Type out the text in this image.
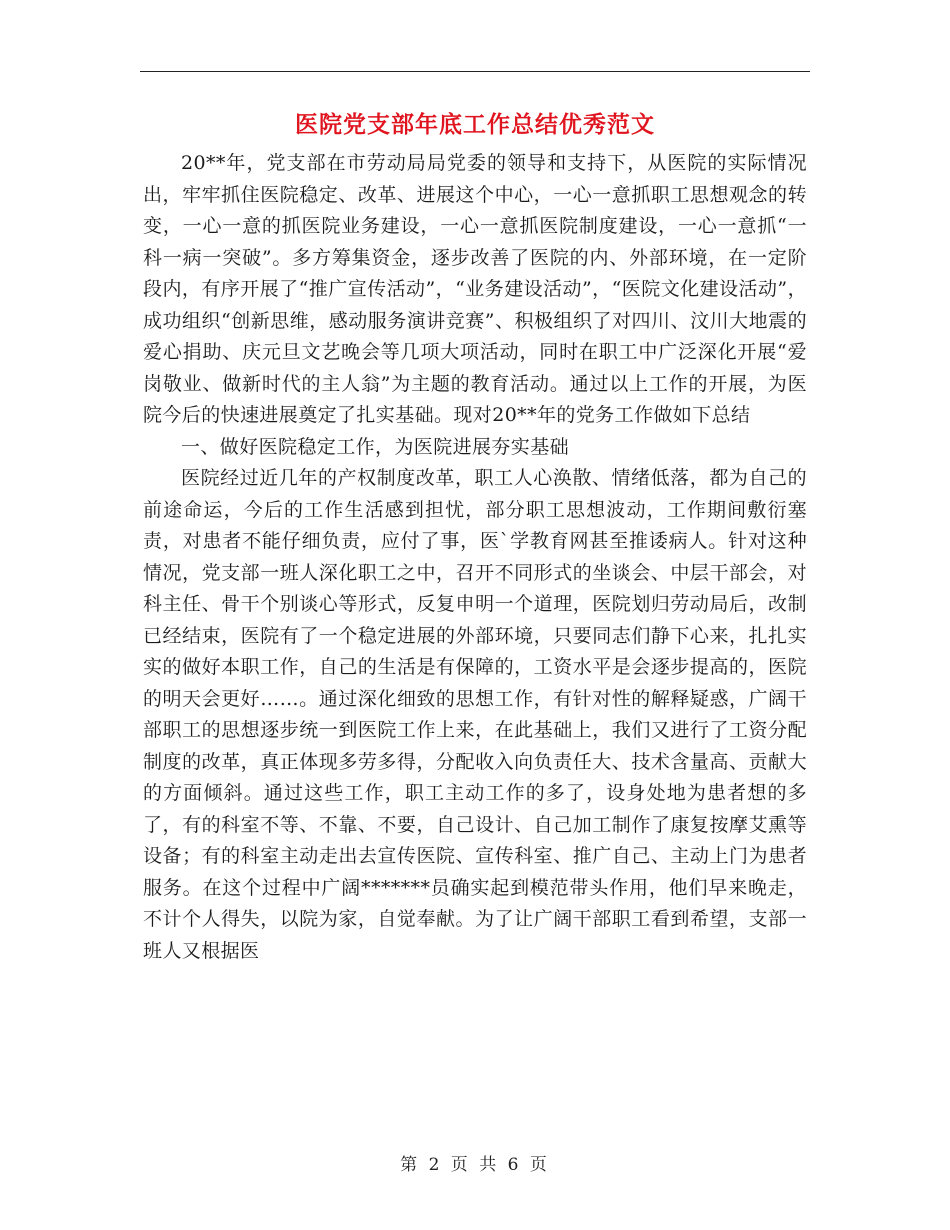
医院党支部年底工作总结优秀范文

20**年，党支部在市劳动局局党委的领导和支持下，从医院的实际情况出，牢牢抓住医院稳定、改革、进展这个中心，一心一意抓职工思想观念的转变，一心一意的抓医院业务建设，一心一意抓医院制度建设，一心一意抓“一科一病一突破”。多方筹集资金，逐步改善了医院的内、外部环境，在一定阶段内，有序开展了“推广宣传活动”，“业务建设活动”，“医院文化建设活动”，成功组织“创新思维，感动服务演讲竞赛”、积极组织了对四川、汶川大地震的爱心捐助、庆元旦文艺晚会等几项大项活动，同时在职工中广泛深化开展“爱岗敬业、做新时代的主人翁”为主题的教育活动。通过以上工作的开展，为医院今后的快速进展奠定了扎实基础。现对20**年的党务工作做如下总结

一、做好医院稳定工作，为医院进展夯实基础

医院经过近几年的产权制度改革，职工人心涣散、情绪低落，都为自己的前途命运，今后的工作生活感到担忧，部分职工思想波动，工作期间敷衍塞责，对患者不能仔细负责，应付了事，医`学教育网甚至推诿病人。针对这种情况，党支部一班人深化职工之中，召开不同形式的坐谈会、中层干部会，对科主任、骨干个别谈心等形式，反复申明一个道理，医院划归劳动局后，改制已经结束，医院有了一个稳定进展的外部环境，只要同志们静下心来，扎扎实实的做好本职工作，自己的生活是有保障的，工资水平是会逐步提高的，医院的明天会更好……。通过深化细致的思想工作，有针对性的解释疑惑，广阔干部职工的思想逐步统一到医院工作上来，在此基础上，我们又进行了工资分配制度的改革，真正体现多劳多得，分配收入向负责任大、技术含量高、贡献大的方面倾斜。通过这些工作，职工主动工作的多了，设身处地为患者想的多了，有的科室不等、不靠、不要，自己设计、自己加工制作了康复按摩艾熏等设备；有的科室主动走出去宣传医院、宣传科室、推广自己、主动上门为患者服务。在这个过程中广阔*******员确实起到模范带头作用，他们早来晚走，不计个人得失，以院为家，自觉奉献。为了让广阔干部职工看到希望，支部一班人又根据医

第 2 页 共 6 页
